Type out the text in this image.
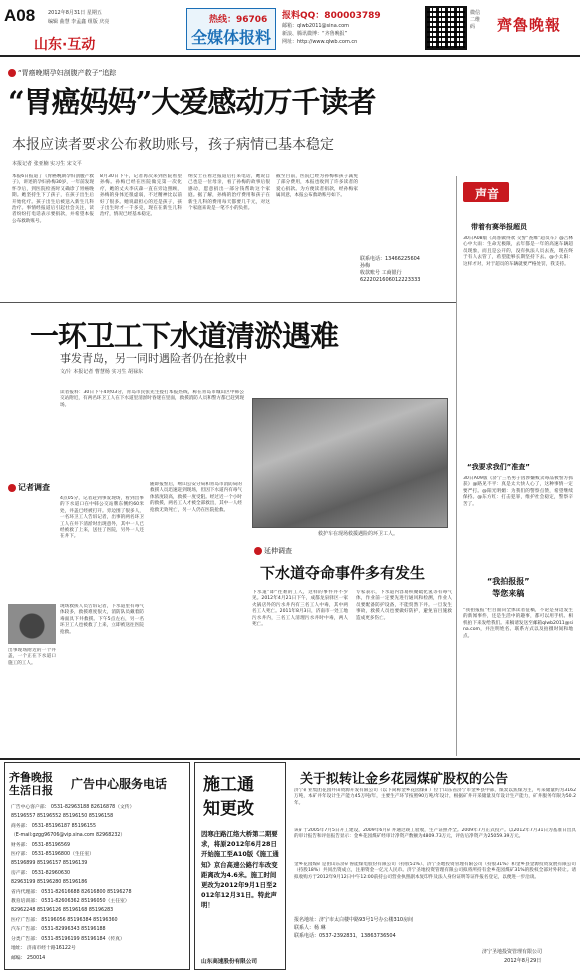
A08	2012年8月31日 星期五
编辑 曲慧 李孟鑫 组版 庆亮
山东·互动
热线：96706
全媒体报料
报料QQ：800003789
邮箱：qlwb2011@sina.com
新浪、腾讯微博：“齐鲁晚报”
网址：http://www.qlwb.com.cn
微信二维码	齊魯晚報
“胃癌晚期孕妇剖腹产救子”追踪
“胃癌妈妈”大爱感动万千读者
本报应读者要求公布救助账号，孩子病情已基本稳定
本报记者 张亚楠 实习生 宋文平
本报6日报道了《胃癌晚期孕妇剖腹产救子》，讲述的孕妇孙梅30岁，一年前发现怀孕后，到医院检查时又确诊了胃癌晚期。她坚持生下了孩子，在孩子出生后开始化疗。孩子出生后被送入新生儿科治疗。事情经报道后引起社会关注，读者纷纷打电话表示要捐款，并希望本报公布救助账号。
8月30日下午，记者再次来到医院看望孙梅。孙梅已经在医院做完第一次化疗，她的丈夫李庆森一直在旁边照顾，孙梅的身体还很虚弱，不过精神比以前好了很多。她说最担心的还是孩子，孩子出生时才一千多克，现在在新生儿科治疗，情况已经基本稳定。
纳女士在看过报道后打来电话，她说自己也是一位母亲，看了孙梅的故事后很感动，愿意捐出一部分钱帮助这个家庭。据了解，孙梅的治疗费用和孩子在新生儿科的费用每天都要几千元，对这个家庭来说是一笔不小的负担。
截至目前，医院已经为孙梅和孩子减免了部分费用，本报也收到了许多读者的爱心捐款。为方便读者捐款，经孙梅家属同意，本报公布救助账号如下。
联系电话：13466225604
孙梅
收款账号 工商银行
6222021606012223333
声音
带着有赛举报超员
30日A08版《高客做得欢 交警“查爆”超员车》@吉林心中大雨：生命无极限，去年都是一年的高速车辆超员现象，而且是公开的，没有执法人员去查，现在终于有人去管了，希望能够长期坚持下去。@小太阳：这样才对，对于超员的车辆就要严格处罚，我支持。
“我要求我们”准查”
30日A09版《济宁三名男子因涉嫌贩卖毒品被警方抓获》@路见不平：真是太大快人心了，这种事情一定要严打。@阳光明媚：为我们的警察点赞，希望继续保持。@东方红：打击犯罪，维护社会稳定，警察辛苦了。
“我拍报报”
等您来稿
“我拍报报”栏目面向全体读者征稿，不论是身边发生的新闻事件，还是生活中的趣事，都可以用手机、相机拍下来发给我们。来稿请发送至邮箱qlwb2011@sina.com，并注明姓名、联系方式以及拍摄时间和地点。
一环卫工下水道清淤遇难
事发青岛，另一同时遇险者仍在抢救中
文/片 本报记者 曹慧杨 实习生 胡禄东
读者报料：30日下午4时03分，青岛市民张先生拨打本报热线，称在青岛市城山区中韩公交站附近，有两名环卫工人在下水道里清淤时昏迷在里面，救援消防人员和警方都已赶到现场。
记者调查
4点05分，记者赶到事发现场，看到出事的下水道口在中韩公交站牌东侧约60米处，井盖已经被打开。旁边围了很多人，一名环卫工人告诉记者，出事的两名环卫工人在井下清淤时出现意外，其中一人已经被救了上来，送往了医院，另外一人还在井下。
现场救援人员告诉记者，下水道里有毒气体较多，救援难度很大，消防队员戴着防毒面具下井救援。下午5点左右，另一名环卫工人也被救了上来，立即被送往医院抢救。
随即报警后，崂山公安分局和青岛市消防局的救援人员迅速赶到现场，但因下水道内有毒气体浓度较高，救援一度受阻。经过近一个小时的救援，两名工人才被全部救出，其中一人经抢救无效死亡，另一人仍在医院抢救。
出事现场附近的一个井盖，一个正在下水道口施工的工人。
救护车在现场救援遇险的环卫工人。
延伸调查
下水道夺命事件多有发生
下水道”即“往难的工人，这样的事件并不少见。2012年4月21日下午，成都龙泉驿区一家火锅店外的污水井内有三名工人中毒，其中两名工人死亡。2011年8月3日，济南市一处工地污水井内，三名工人清理污水井时中毒，两人死亡。
专家表示，下水道内容易积聚硫化氢等有毒气体，作业前一定要先进行通风和检测，作业人员要配备防护设备，不能贸然下井。一旦发生事故，救援人员也要做好防护，避免盲目施救造成更多伤亡。
齐鲁晚报
生活日报 广告中心服务电话
广告中心客户部： 0531-82963188 82616878（文传）
85196557 85196552 85196150 85196158
商务部： 0531-85196187 85196155
（E-mail:gzgg96706@vip.sina.com 82968232）
财务部： 0531-85196569
医疗部： 0531-85196800（生任室）
85196899 85196157 85196139
房产部： 0531-82960630
82963199 85196280 85196186
省内代理部： 0531-82616688 82616800 85196278
教育培训部： 0531-82606362 85196050（主任室）
82962248 85196126 85196168 85196283
医疗广告部： 85196056 85196384 85196360
汽车广告部： 0531-82996343 85196188
分类广告部： 0531-85196199 85196184（传真）
地址： 济南市经十路16122号
邮编： 250014
施工通
知更改
因寒庄路江络大桥第二期要求，将原2012年6月28日开始施工至A10版《施工通知》京台高速公路行车改变距离改为4.6米。施工时间更改为2012年9月1日至2012年12月31日。特此声明！
山东高速股份有限公司
关于拟转让金乡花园煤矿股权的公告
济宁矿业集团花园井田资源开发有限公司（以下简称金乡花园煤矿）位于山东省济宁市金乡县中部，煤炭以焦煤为主，可采储量约为3162万吨，本矿井年设计生产能力45万吨/年，主要生产环节按照90万吨/年设计，根据矿井开采储量及年设计生产能力，矿井服务年限为50.2年。
该矿于2005年7月5日开工建设，2009年6月矿井通过竣工验收，生产证照齐全。2009年7月正式投产。以2012年7月31日为基准日出具的审计报告和评估报告显示：金乡花园煤矿经审计净资产数额为4809.73万元，评估后净资产为25059.39万元。
金乡花园煤矿是由山东济矿鲁能煤电股份有限公司（持股51%）、济宁圣地投资管理有限公司（持股31%）和金乡县金源投资发展有限公司（持股18%）共同出资成立，注册资金一亿元人民币。济宁圣地投资管理有限公司拟将所持有金乡花园煤矿31%的股权全部对外转让。请拟收购方于2012年9月12日中午12:00前持公司营业执照副本复印件及法人身份证明等证件报名登记，以便进一步洽谈。
报名地址：济宁市太白楼中路93号1号办公楼310房间
联系人：杨 琳
联系电话：0537-2392831，13863736504
济宁圣地投资管理有限公司
2012年8月29日
